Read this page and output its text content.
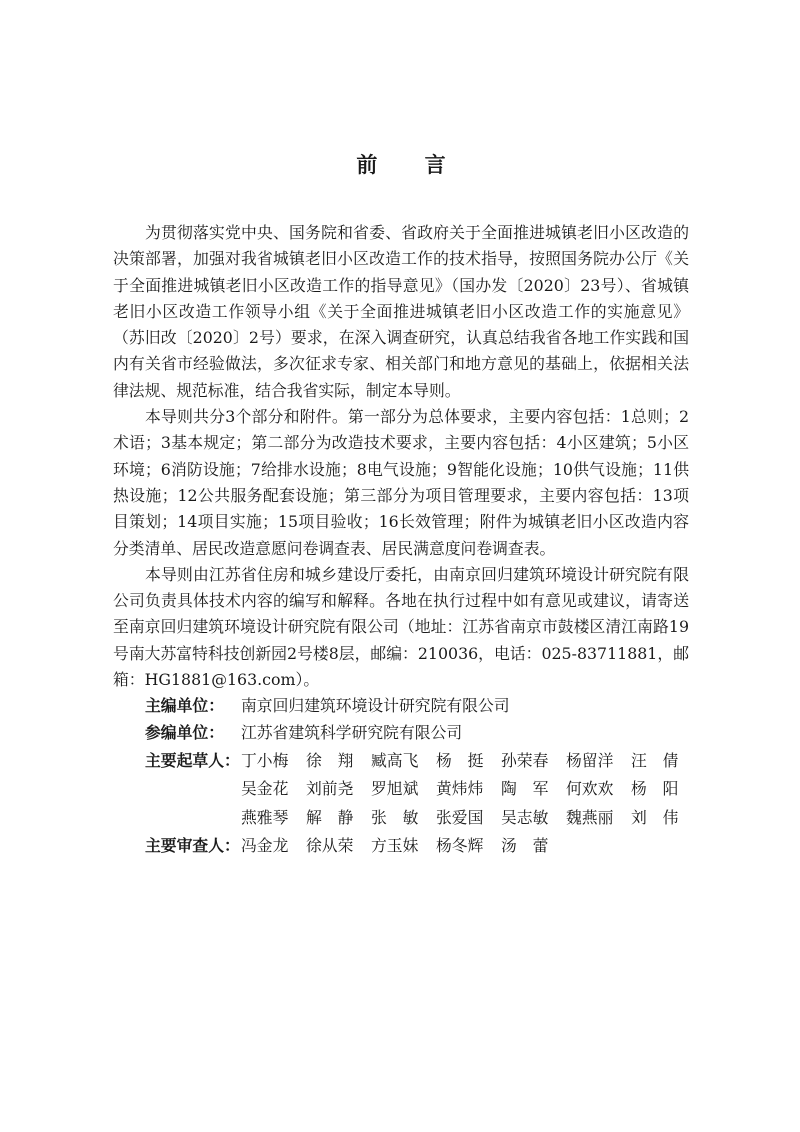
前 言

为贯彻落实党中央、国务院和省委、省政府关于全面推进城镇老旧小区改造的决策部署，加强对我省城镇老旧小区改造工作的技术指导，按照国务院办公厅《关于全面推进城镇老旧小区改造工作的指导意见》（国办发〔2020〕23号）、省城镇老旧小区改造工作领导小组《关于全面推进城镇老旧小区改造工作的实施意见》（苏旧改〔2020〕2号）要求，在深入调查研究，认真总结我省各地工作实践和国内有关省市经验做法，多次征求专家、相关部门和地方意见的基础上，依据相关法律法规、规范标准，结合我省实际，制定本导则。

本导则共分3个部分和附件。第一部分为总体要求，主要内容包括：1总则；2术语；3基本规定；第二部分为改造技术要求，主要内容包括：4小区建筑；5小区环境；6消防设施；7给排水设施；8电气设施；9智能化设施；10供气设施；11供热设施；12公共服务配套设施；第三部分为项目管理要求，主要内容包括：13项目策划；14项目实施；15项目验收；16长效管理；附件为城镇老旧小区改造内容分类清单、居民改造意愿问卷调查表、居民满意度问卷调查表。

本导则由江苏省住房和城乡建设厅委托，由南京回归建筑环境设计研究院有限公司负责具体技术内容的编写和解释。各地在执行过程中如有意见或建议，请寄送至南京回归建筑环境设计研究院有限公司（地址：江苏省南京市鼓楼区清江南路19号南大苏富特科技创新园2号楼8层，邮编：210036，电话：025-83711881，邮箱：HG1881@163.com）。

主编单位：	南京回归建筑环境设计研究院有限公司
参编单位：	江苏省建筑科学研究院有限公司
主要起草人： 丁小梅	徐　翔	臧高飞	杨　挺	孙荣春	杨留洋	汪　倩
吴金花	刘前尧	罗旭斌	黄炜炜	陶　军	何欢欢	杨　阳
燕雅琴	解　静	张　敏	张爱国	吴志敏	魏燕丽	刘　伟
主要审查人： 冯金龙	徐从荣	方玉妹	杨冬辉	汤　蕾
